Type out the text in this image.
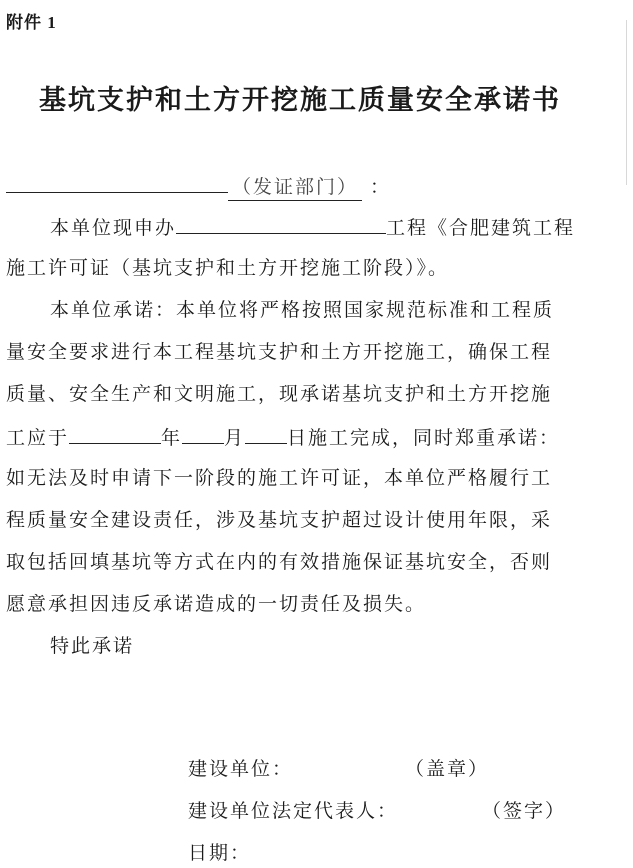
附件 1
基坑支护和土方开挖施工质量安全承诺书
（发证部门） ：
本单位现申办	工程《合肥建筑工程
施工许可证（基坑支护和土方开挖施工阶段）》。
本单位承诺：本单位将严格按照国家规范标准和工程质
量安全要求进行本工程基坑支护和土方开挖施工，确保工程
质量、安全生产和文明施工，现承诺基坑支护和土方开挖施
工应于	年 月 日施工完成，同时郑重承诺：
如无法及时申请下一阶段的施工许可证，本单位严格履行工
程质量安全建设责任，涉及基坑支护超过设计使用年限，采
取包括回填基坑等方式在内的有效措施保证基坑安全，否则
愿意承担因违反承诺造成的一切责任及损失。
特此承诺
建设单位：	（盖章）
建设单位法定代表人：	（签字）
日期：
